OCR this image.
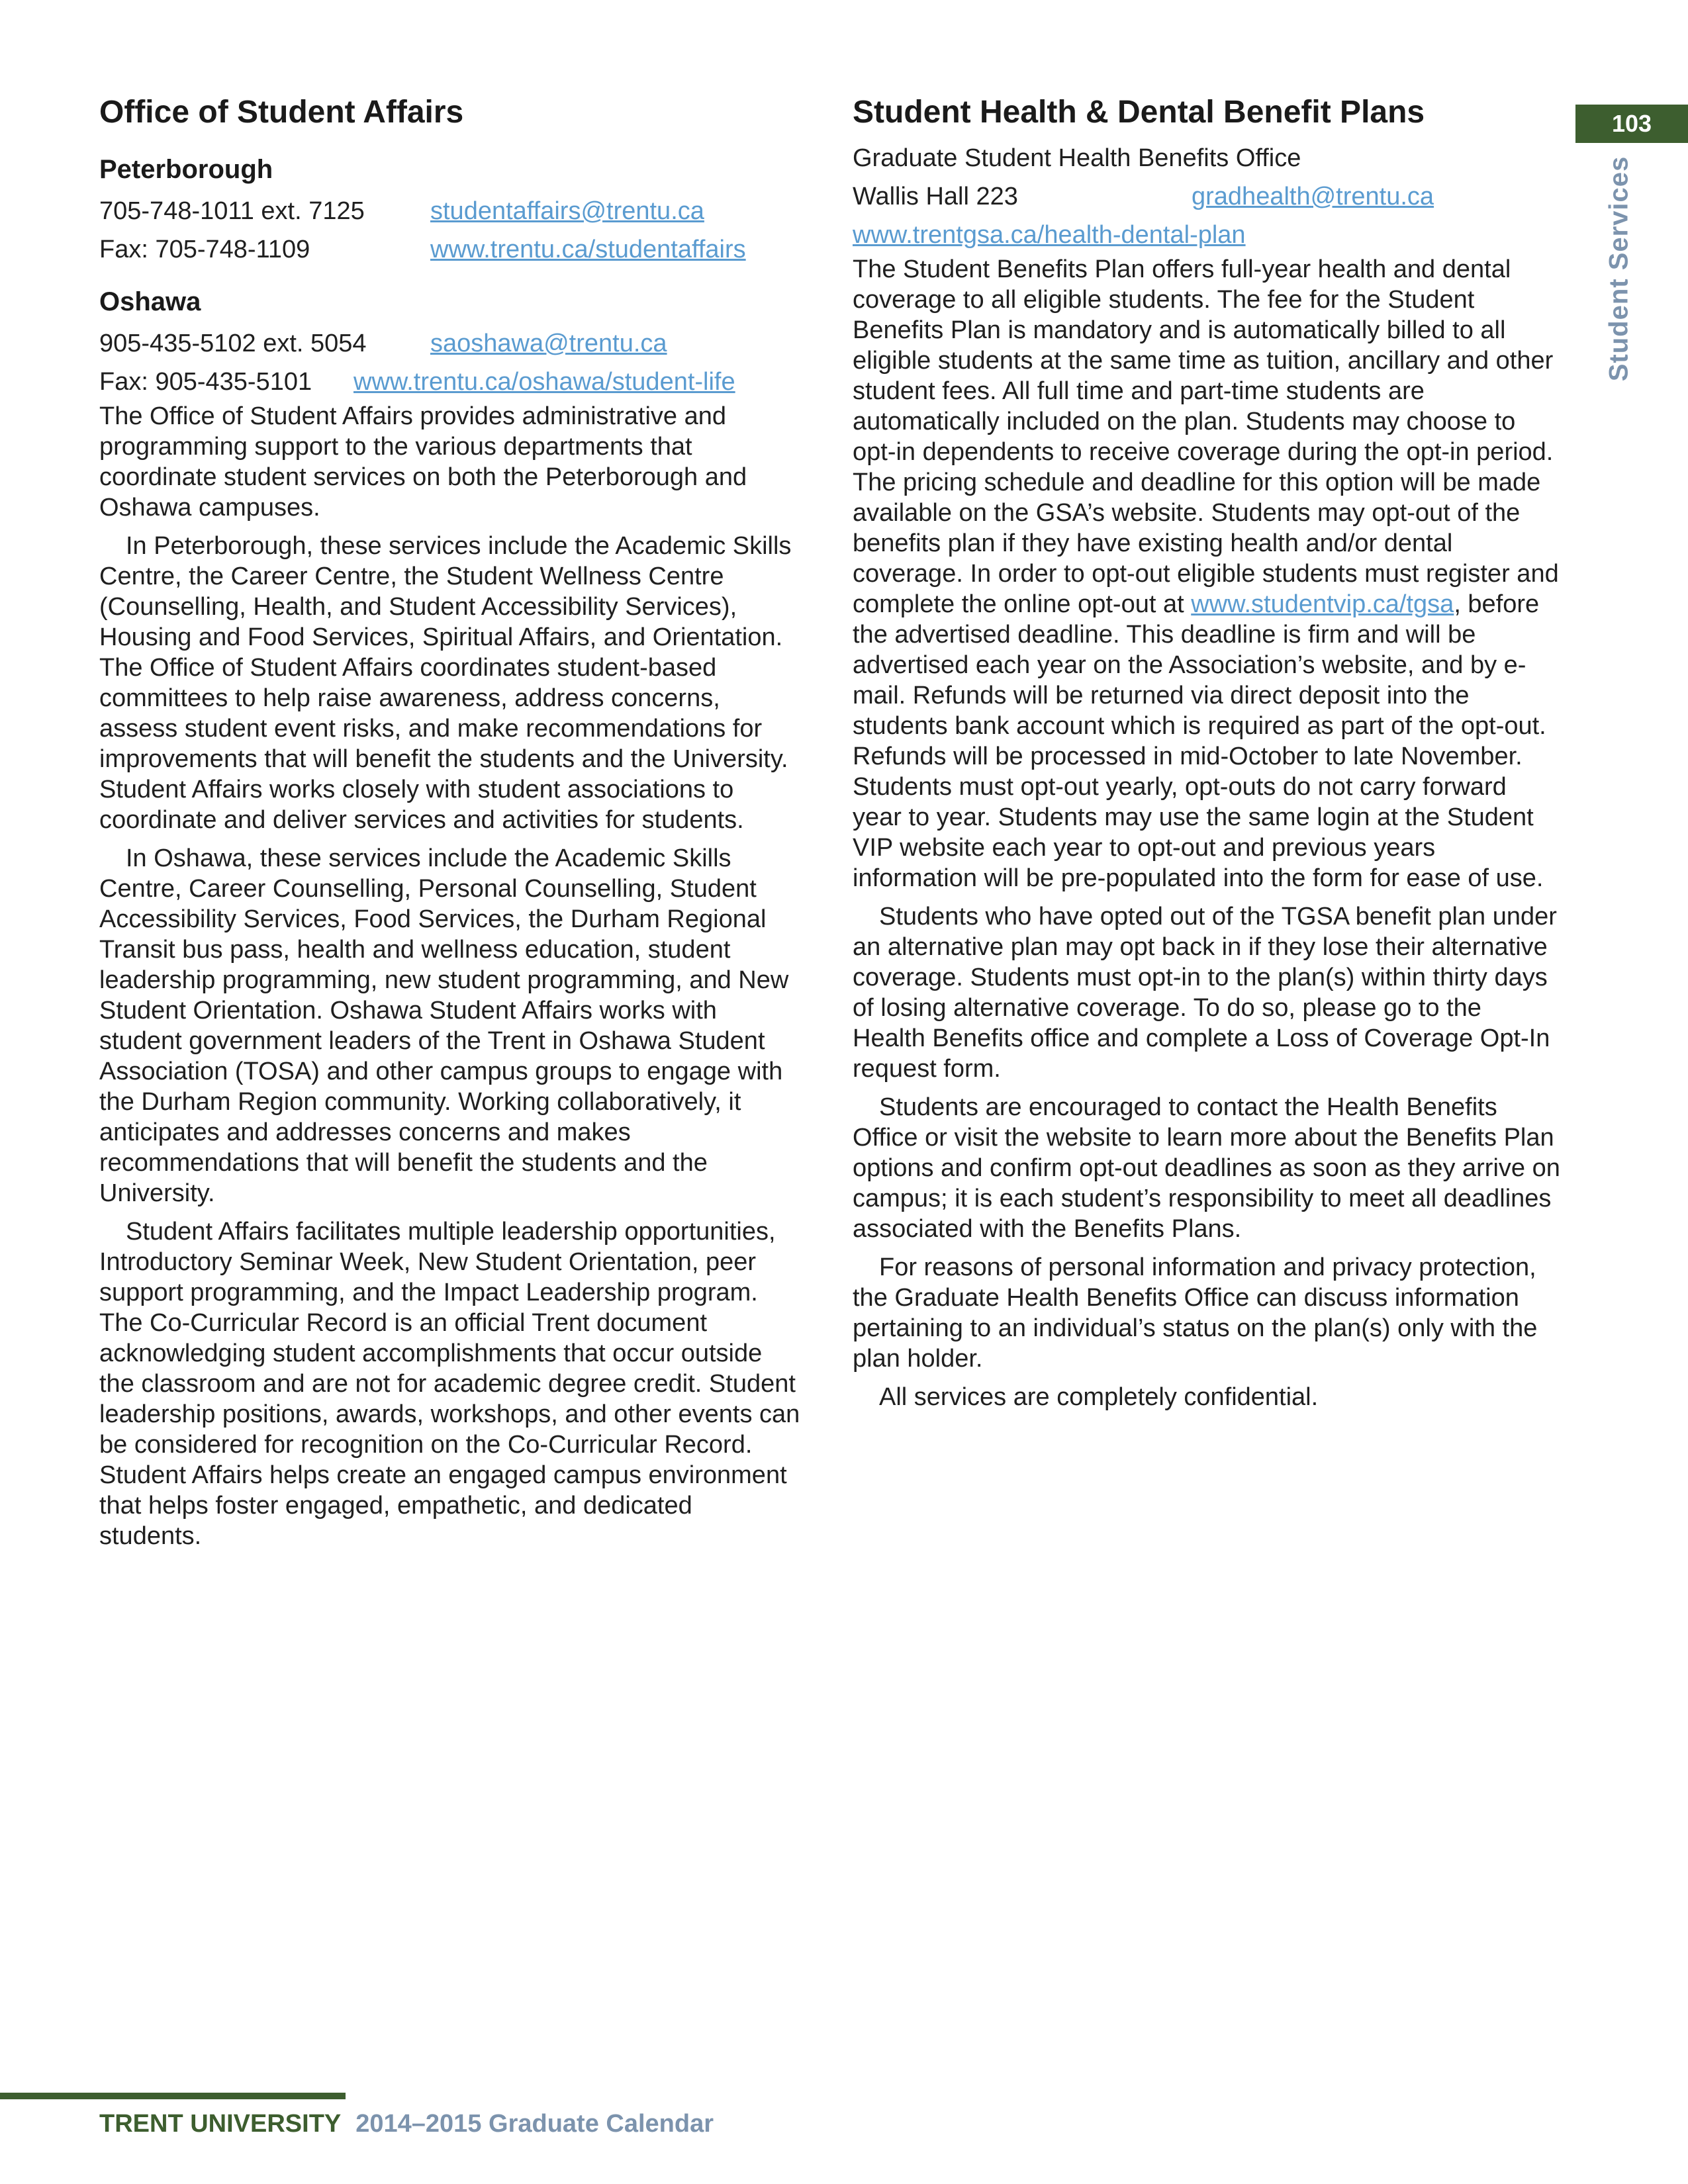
103
Student Services
Office of Student Affairs
Peterborough
705-748-1011 ext. 7125	studentaffairs@trentu.ca
Fax: 705-748-1109	www.trentu.ca/studentaffairs
Oshawa
905-435-5102 ext. 5054	saoshawa@trentu.ca
Fax: 905-435-5101	www.trentu.ca/oshawa/student-life

The Office of Student Affairs provides administrative and programming support to the various departments that coordinate student services on both the Peterborough and Oshawa campuses.

In Peterborough, these services include the Academic Skills Centre, the Career Centre, the Student Wellness Centre (Counselling, Health, and Student Accessibility Services), Housing and Food Services, Spiritual Affairs, and Orientation. The Office of Student Affairs coordinates student-based committees to help raise awareness, address concerns, assess student event risks, and make recommendations for improvements that will benefit the students and the University. Student Affairs works closely with student associations to coordinate and deliver services and activities for students.

In Oshawa, these services include the Academic Skills Centre, Career Counselling, Personal Counselling, Student Accessibility Services, Food Services, the Durham Regional Transit bus pass, health and wellness education, student leadership programming, new student programming, and New Student Orientation. Oshawa Student Affairs works with student government leaders of the Trent in Oshawa Student Association (TOSA) and other campus groups to engage with the Durham Region community. Working collaboratively, it anticipates and addresses concerns and makes recommendations that will benefit the students and the University.

Student Affairs facilitates multiple leadership opportunities, Introductory Seminar Week, New Student Orientation, peer support programming, and the Impact Leadership program. The Co-Curricular Record is an official Trent document acknowledging student accomplishments that occur outside the classroom and are not for academic degree credit. Student leadership positions, awards, workshops, and other events can be considered for recognition on the Co-Curricular Record. Student Affairs helps create an engaged campus environment that helps foster engaged, empathetic, and dedicated students.

Student Health & Dental Benefit Plans
Graduate Student Health Benefits Office
Wallis Hall 223	gradhealth@trentu.ca
www.trentgsa.ca/health-dental-plan

The Student Benefits Plan offers full-year health and dental coverage to all eligible students. The fee for the Student Benefits Plan is mandatory and is automatically billed to all eligible students at the same time as tuition, ancillary and other student fees. All full time and part-time students are automatically included on the plan. Students may choose to opt-in dependents to receive coverage during the opt-in period. The pricing schedule and deadline for this option will be made available on the GSA’s website. Students may opt-out of the benefits plan if they have existing health and/or dental coverage. In order to opt-out eligible students must register and complete the online opt-out at www.studentvip.ca/tgsa, before the advertised deadline. This deadline is firm and will be advertised each year on the Association’s website, and by e-mail. Refunds will be returned via direct deposit into the students bank account which is required as part of the opt-out. Refunds will be processed in mid-October to late November. Students must opt-out yearly, opt-outs do not carry forward year to year. Students may use the same login at the Student VIP website each year to opt-out and previous years information will be pre-populated into the form for ease of use.

Students who have opted out of the TGSA benefit plan under an alternative plan may opt back in if they lose their alternative coverage. Students must opt-in to the plan(s) within thirty days of losing alternative coverage. To do so, please go to the Health Benefits office and complete a Loss of Coverage Opt-In request form.

Students are encouraged to contact the Health Benefits Office or visit the website to learn more about the Benefits Plan options and confirm opt-out deadlines as soon as they arrive on campus; it is each student’s responsibility to meet all deadlines associated with the Benefits Plans.

For reasons of personal information and privacy protection, the Graduate Health Benefits Office can discuss information pertaining to an individual’s status on the plan(s) only with the plan holder.

All services are completely confidential.

TRENT UNIVERSITY 2014–2015 Graduate Calendar
